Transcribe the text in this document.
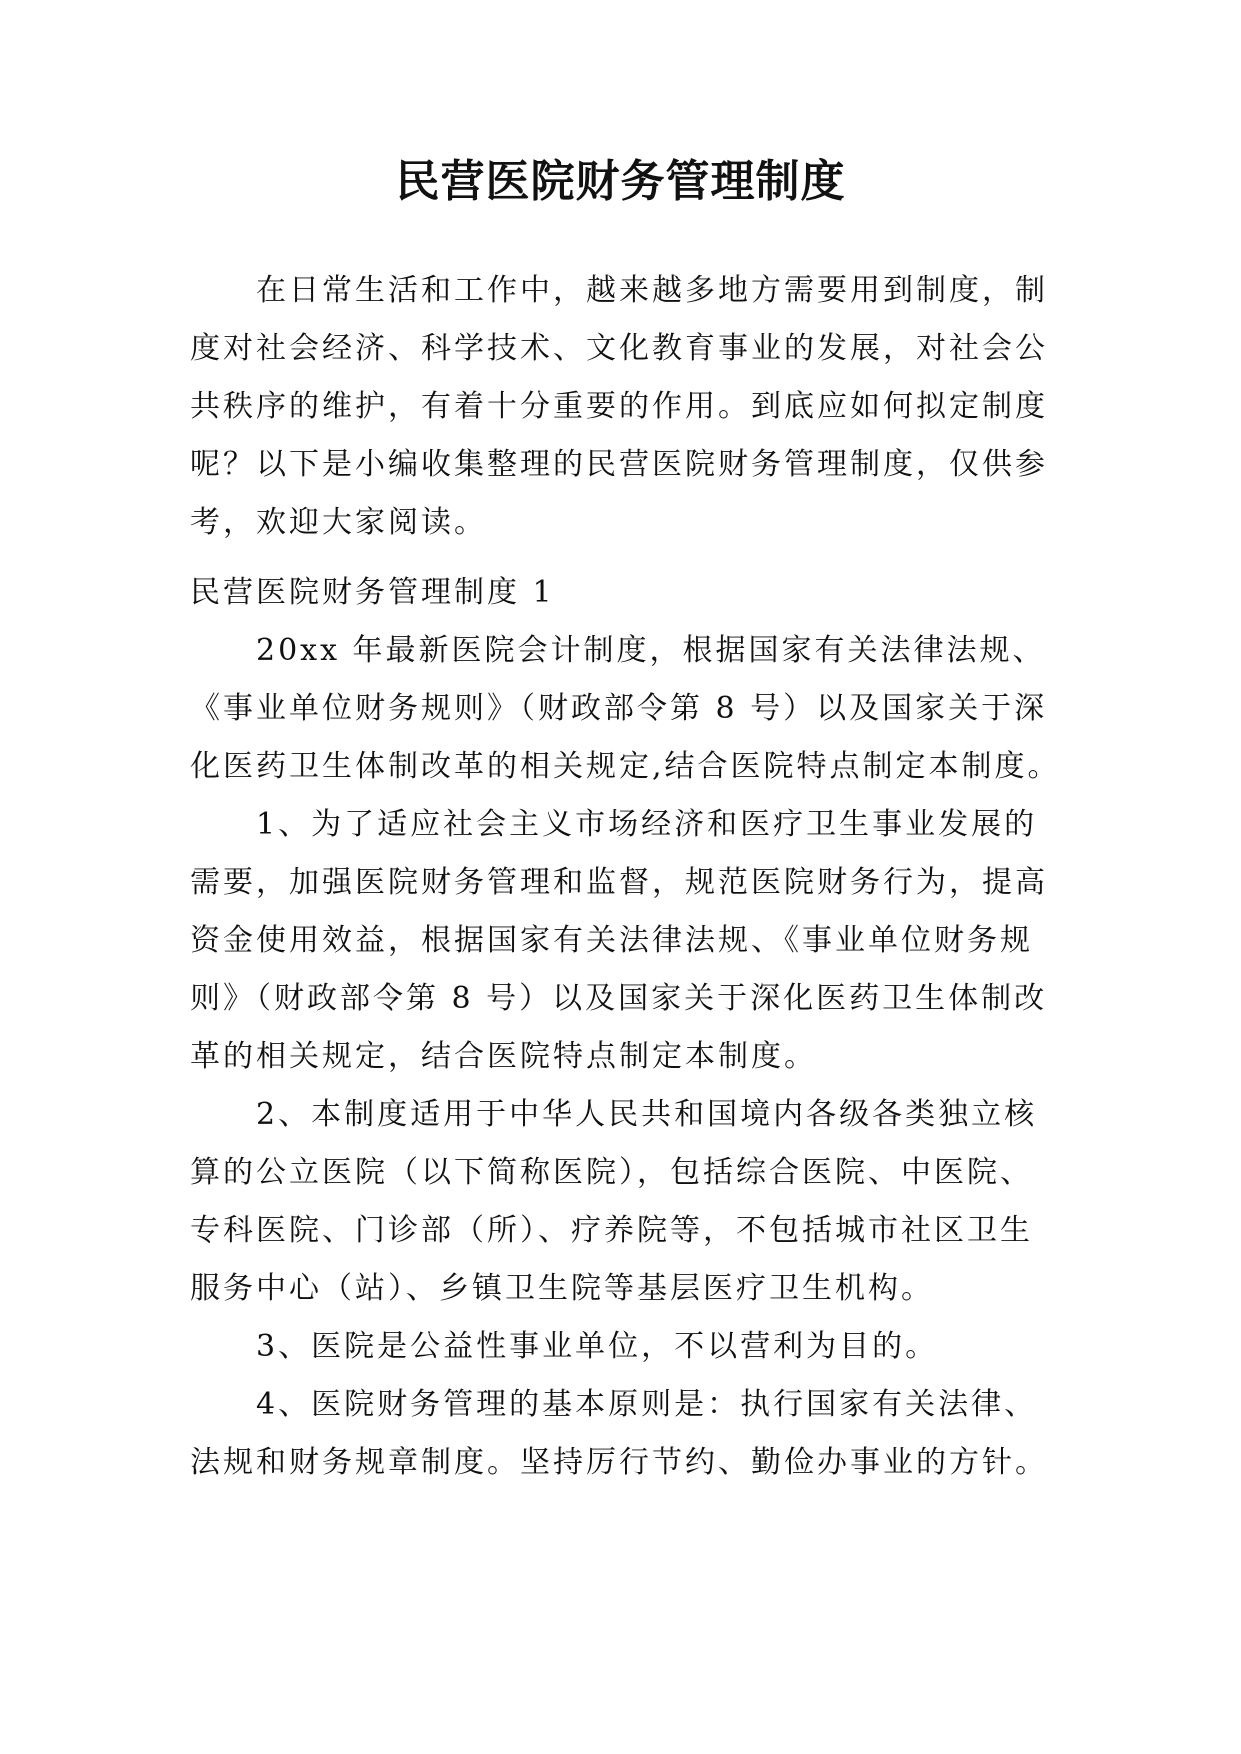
民营医院财务管理制度
在日常生活和工作中，越来越多地方需要用到制度，制
度对社会经济、科学技术、文化教育事业的发展，对社会公
共秩序的维护，有着十分重要的作用。到底应如何拟定制度
呢？以下是小编收集整理的民营医院财务管理制度，仅供参
考，欢迎大家阅读。
民营医院财务管理制度 1
20xx 年最新医院会计制度，根据国家有关法律法规、
《事业单位财务规则》（财政部令第 8 号）以及国家关于深
化医药卫生体制改革的相关规定,结合医院特点制定本制度。
1、为了适应社会主义市场经济和医疗卫生事业发展的
需要，加强医院财务管理和监督，规范医院财务行为，提高
资金使用效益，根据国家有关法律法规、《事业单位财务规
则》（财政部令第 8 号）以及国家关于深化医药卫生体制改
革的相关规定，结合医院特点制定本制度。
2、本制度适用于中华人民共和国境内各级各类独立核
算的公立医院（以下简称医院），包括综合医院、中医院、
专科医院、门诊部（所）、疗养院等，不包括城市社区卫生
服务中心（站）、乡镇卫生院等基层医疗卫生机构。
3、医院是公益性事业单位，不以营利为目的。
4、医院财务管理的基本原则是：执行国家有关法律、
法规和财务规章制度。坚持厉行节约、勤俭办事业的方针。
